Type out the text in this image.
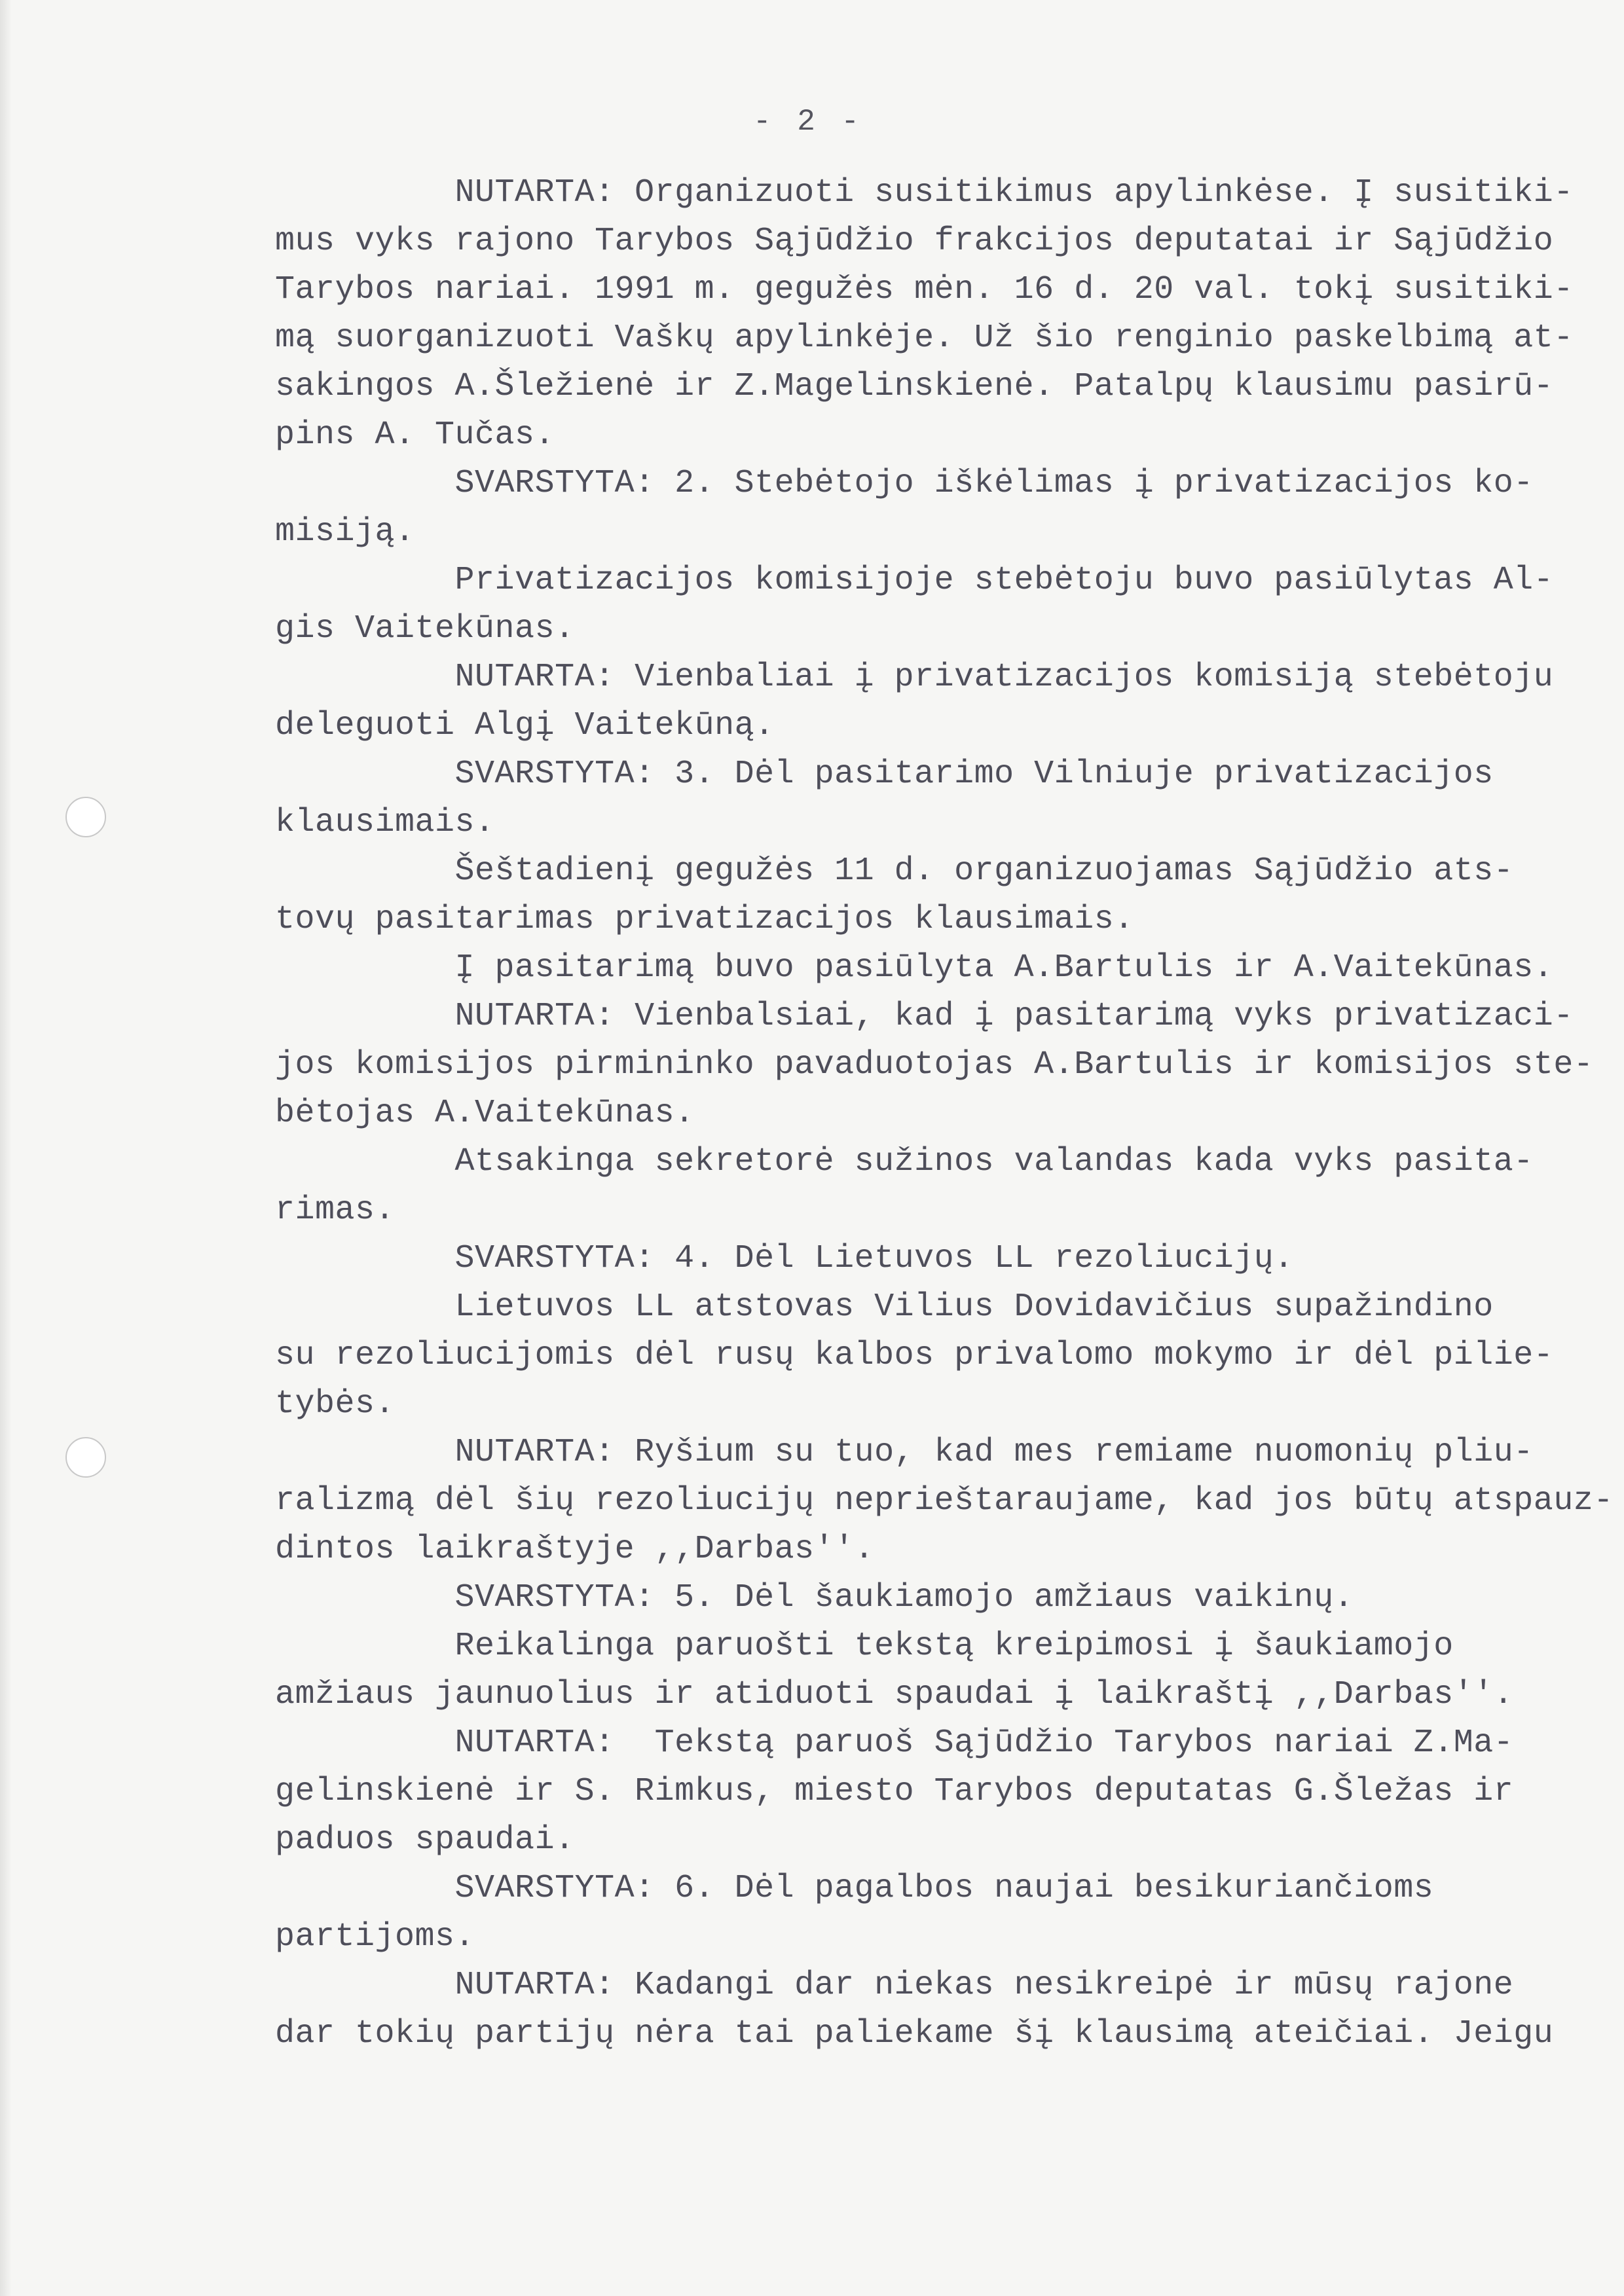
- 2 -
NUTARTA: Organizuoti susitikimus apylinkėse. Į susitiki-
mus vyks rajono Tarybos Sąjūdžio frakcijos deputatai ir Sąjūdžio
Tarybos nariai. 1991 m. gegužės mėn. 16 d. 20 val. tokį susitiki-
mą suorganizuoti Vaškų apylinkėje. Už šio renginio paskelbimą at-
sakingos A.Šležienė ir Z.Magelinskienė. Patalpų klausimu pasirū-
pins A. Tučas.
SVARSTYTA: 2. Stebėtojo iškėlimas į privatizacijos ko-
misiją.
Privatizacijos komisijoje stebėtoju buvo pasiūlytas Al-
gis Vaitekūnas.
NUTARTA: Vienbaliai į privatizacijos komisiją stebėtoju
deleguoti Algį Vaitekūną.
SVARSTYTA: 3. Dėl pasitarimo Vilniuje privatizacijos
klausimais.
Šeštadienį gegužės 11 d. organizuojamas Sąjūdžio ats-
tovų pasitarimas privatizacijos klausimais.
Į pasitarimą buvo pasiūlyta A.Bartulis ir A.Vaitekūnas.
NUTARTA: Vienbalsiai, kad į pasitarimą vyks privatizaci-
jos komisijos pirmininko pavaduotojas A.Bartulis ir komisijos ste-
bėtojas A.Vaitekūnas.
Atsakinga sekretorė sužinos valandas kada vyks pasita-
rimas.
SVARSTYTA: 4. Dėl Lietuvos LL rezoliucijų.
Lietuvos LL atstovas Vilius Dovidavičius supažindino
su rezoliucijomis dėl rusų kalbos privalomo mokymo ir dėl pilie-
tybės.
NUTARTA: Ryšium su tuo, kad mes remiame nuomonių pliu-
ralizmą dėl šių rezoliucijų neprieštaraujame, kad jos būtų atspauz-
dintos laikraštyje ,,Darbas''.
SVARSTYTA: 5. Dėl šaukiamojo amžiaus vaikinų.
Reikalinga paruošti tekstą kreipimosi į šaukiamojo
amžiaus jaunuolius ir atiduoti spaudai į laikraštį ,,Darbas''.
NUTARTA:  Tekstą paruoš Sąjūdžio Tarybos nariai Z.Ma-
gelinskienė ir S. Rimkus, miesto Tarybos deputatas G.Šležas ir
paduos spaudai.
SVARSTYTA: 6. Dėl pagalbos naujai besikuriančioms
partijoms.
NUTARTA: Kadangi dar niekas nesikreipė ir mūsų rajone
dar tokių partijų nėra tai paliekame šį klausimą ateičiai. Jeigu
